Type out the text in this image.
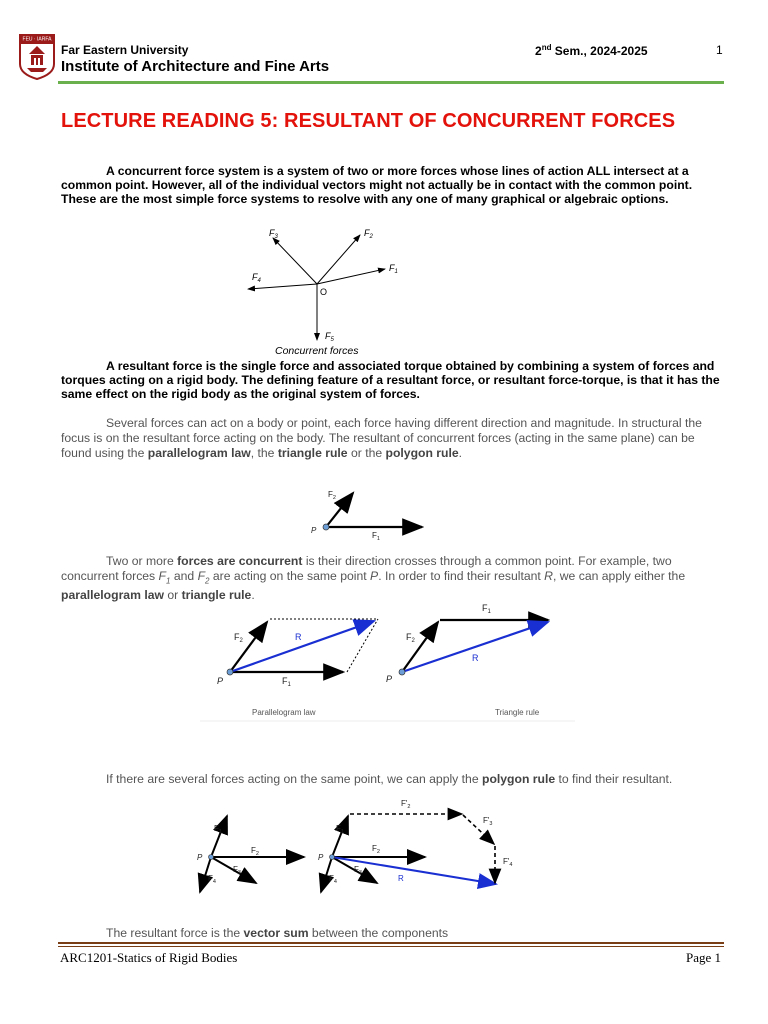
FEU · IARFA
Far Eastern University
Institute of Architecture and Fine Arts
2nd Sem., 2024-2025	1
LECTURE READING 5: RESULTANT OF CONCURRENT FORCES
A concurrent force system is a system of two or more forces whose lines of action ALL intersect at a common point. However, all of the individual vectors might not actually be in contact with the common point. These are the most simple force systems to resolve with any one of many graphical or algebraic options.
$F_3$	$F_2$
$F_1$
$F_4$
$F_5$
O
Concurrent forces
A resultant force is the single force and associated torque obtained by combining a system of forces and torques acting on a rigid body. The defining feature of a resultant force, or resultant force-torque, is that it has the same effect on the rigid body as the original system of forces.
Several forces can act on a body or point, each force having different direction and magnitude. In structural the focus is on the resultant force acting on the body. The resultant of concurrent forces (acting in the same plane) can be found using the parallelogram law, the triangle rule or the polygon rule.
$F_2$
$F_1$
P
Two or more forces are concurrent is their direction crosses through a common point. For example, two concurrent forces $F_1$ and $F_2$ are acting on the same point P. In order to find their resultant R, we can apply either the parallelogram law or triangle rule.
$F_2$	R
P	$F_1$
$F_1$
$F_2$
R
P
Parallelogram law	Triangle rule
If there are several forces acting on the same point, we can apply the polygon rule to find their resultant.
$F_1$
$F_2$
P
$F_3$
$F_4$
$F_1$
$F_2$
P
$F_3$
$F_4$	R
$F'_2$
$F'_3$
$F'_4$
The resultant force is the vector sum between the components
ARC1201-Statics of Rigid Bodies	Page 1
